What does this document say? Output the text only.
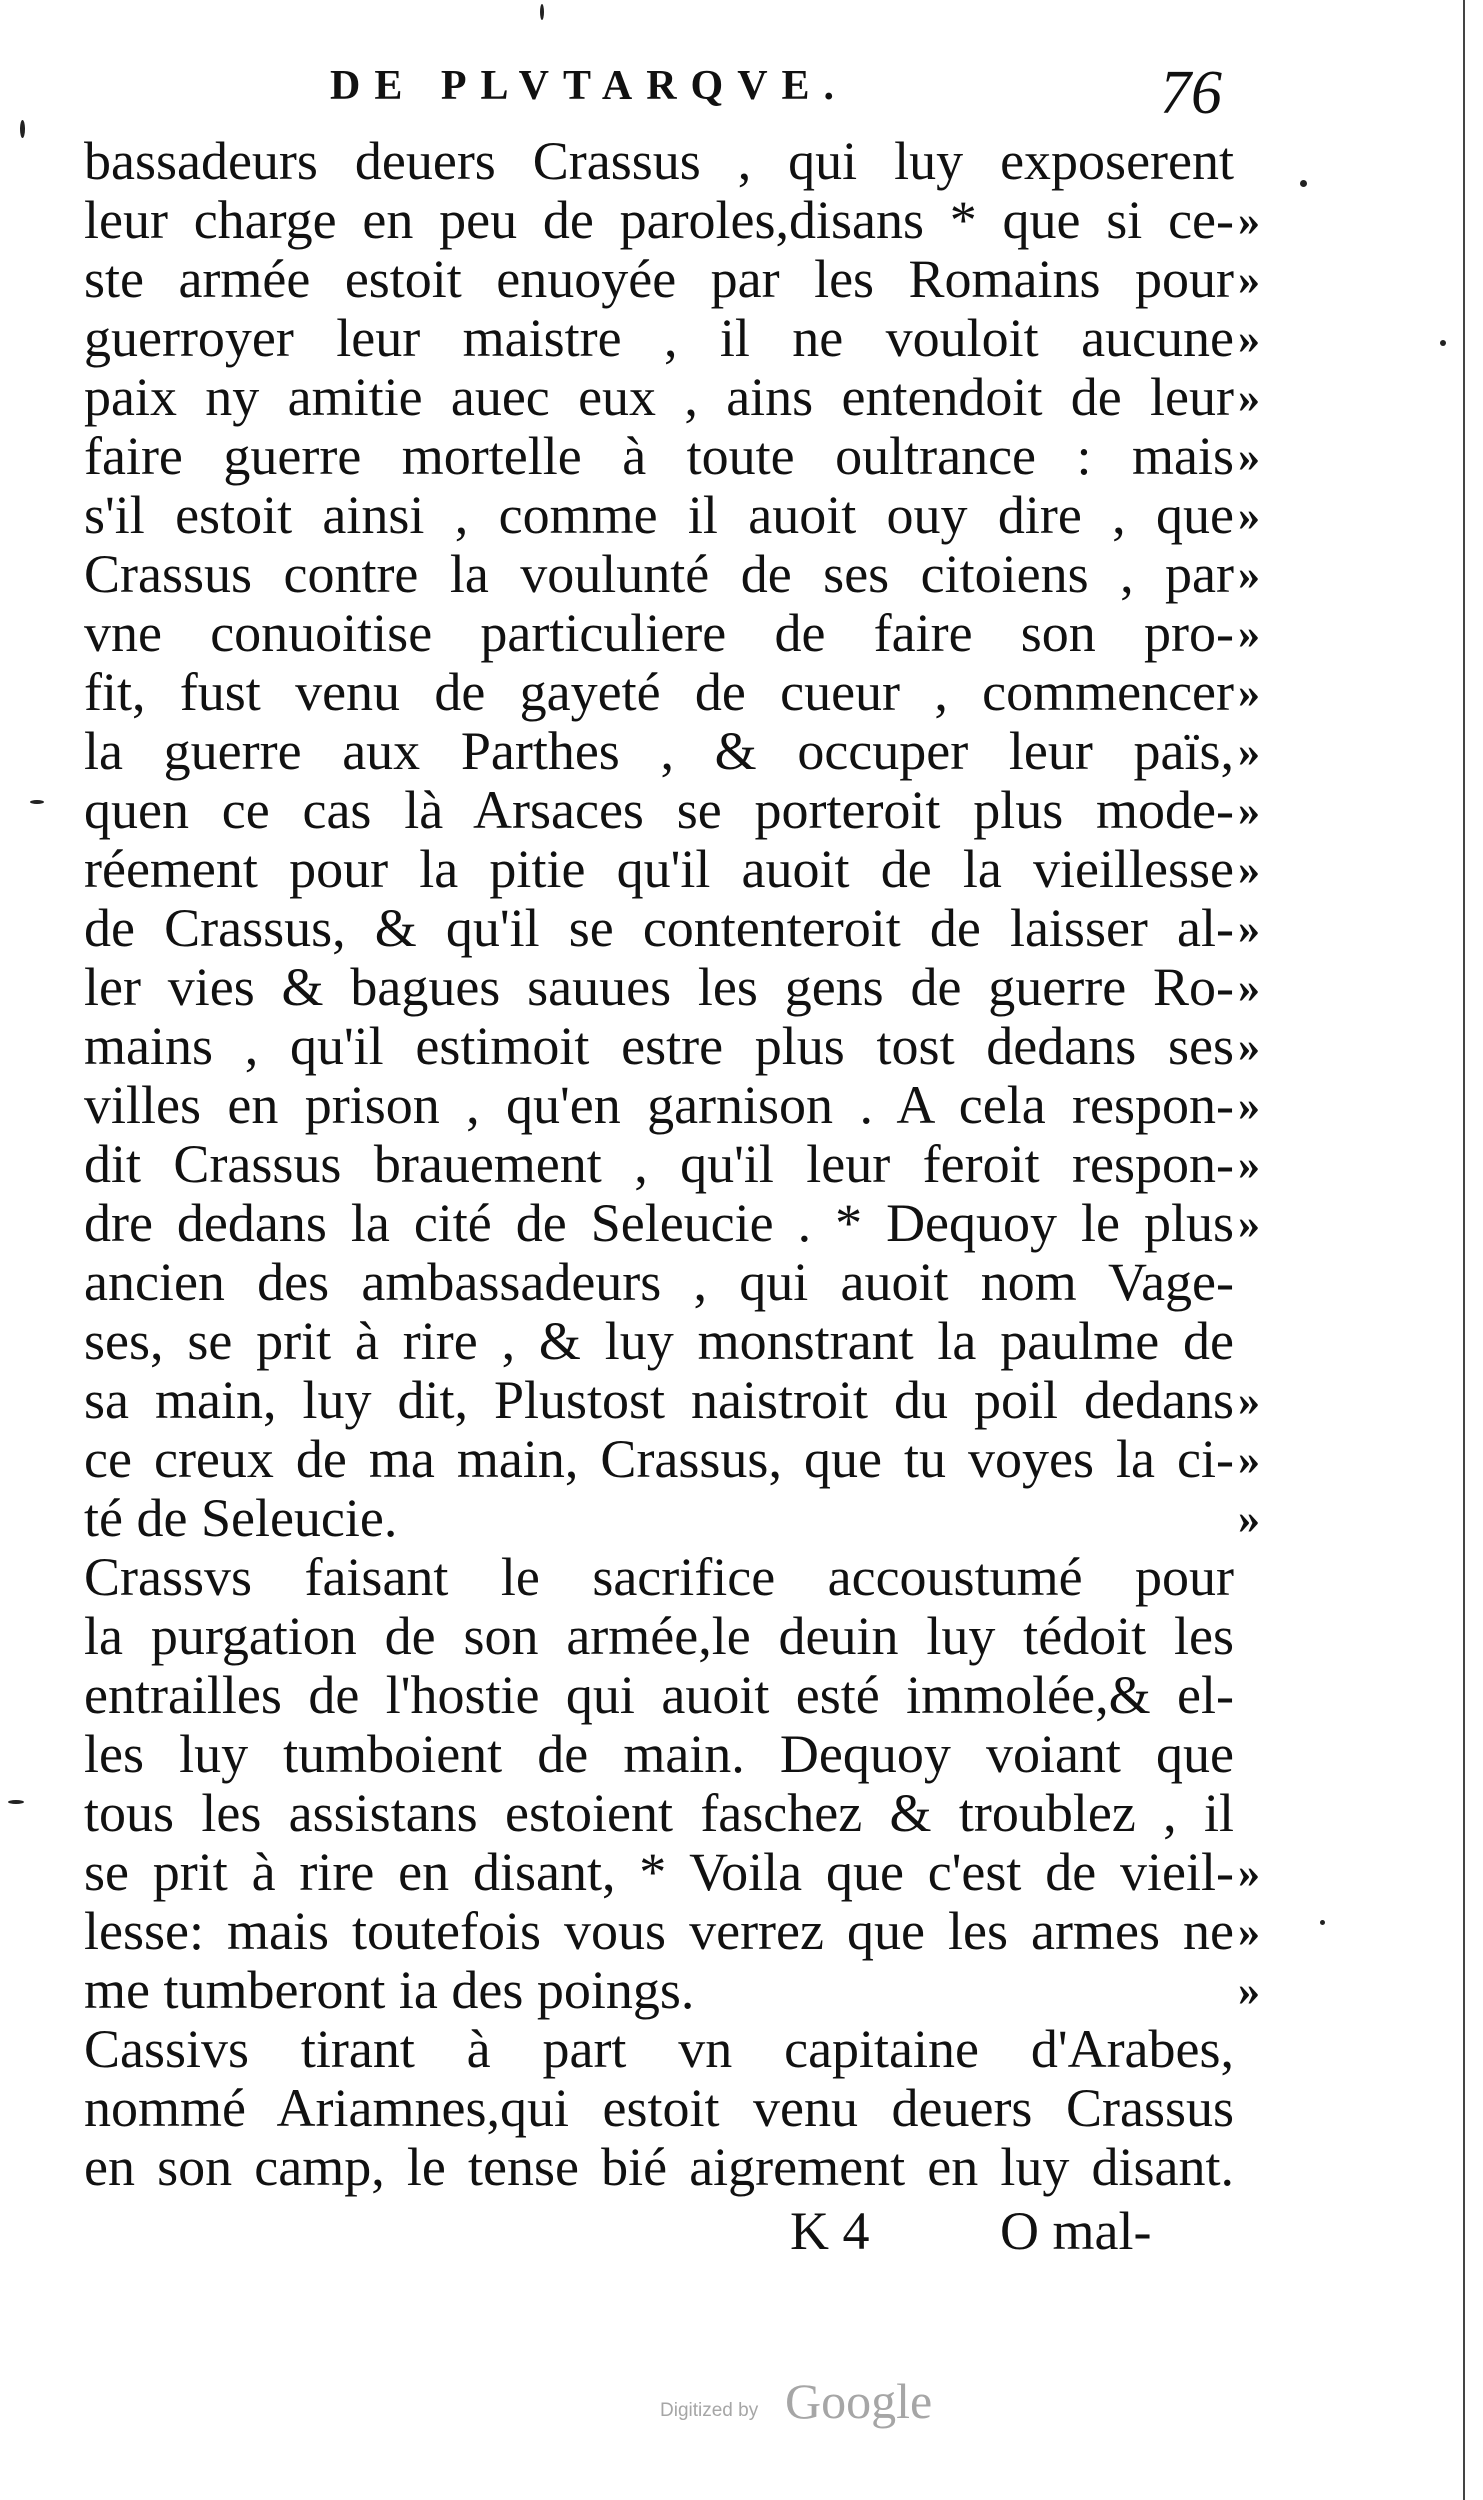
DE PLVTARQVE.	76
bassadeurs deuers Crassus , qui luy exposerent
leur charge en peu de paroles,disans * que si ce-
ste armée estoit enuoyée par les Romains pour
guerroyer leur maistre , il ne vouloit aucune
paix ny amitie auec eux , ains entendoit de leur
faire guerre mortelle à toute oultrance : mais
s'il estoit ainsi , comme il auoit ouy dire , que
Crassus contre la voulunté de ses citoiens , par
vne conuoitise particuliere de faire son pro-
fit, fust venu de gayeté de cueur , commencer
la guerre aux Parthes , & occuper leur païs,
quen ce cas là Arsaces se porteroit plus mode-
réement pour la pitie qu'il auoit de la vieillesse
de Crassus, & qu'il se contenteroit de laisser al-
ler vies & bagues sauues les gens de guerre Ro-
mains , qu'il estimoit estre plus tost dedans ses
villes en prison , qu'en garnison . A cela respon-
dit Crassus brauement , qu'il leur feroit respon-
dre dedans la cité de Seleucie . * Dequoy le plus
ancien des ambassadeurs , qui auoit nom Vage-
ses, se prit à rire , & luy monstrant la paulme de
sa main, luy dit, Plustost naistroit du poil dedans
ce creux de ma main, Crassus, que tu voyes la ci-
té de Seleucie.
Crassvs faisant le sacrifice accoustumé pour
la purgation de son armée,le deuin luy tédoit les
entrailles de l'hostie qui auoit esté immolée,& el-
les luy tumboient de main. Dequoy voiant que
tous les assistans estoient faschez & troublez , il
se prit à rire en disant, * Voila que c'est de vieil-
lesse: mais toutefois vous verrez que les armes ne
me tumberont ia des poings.
Cassivs tirant à part vn capitaine d'Arabes,
nommé Ariamnes,qui estoit venu deuers Crassus
en son camp, le tense bié aigrement en luy disant.
»
»
»
»
»
»
»
»
»
»
»
»
»
»
»
»
»
»
»
»
»
»
»
»
K 4 O mal-
Digitized by Google
